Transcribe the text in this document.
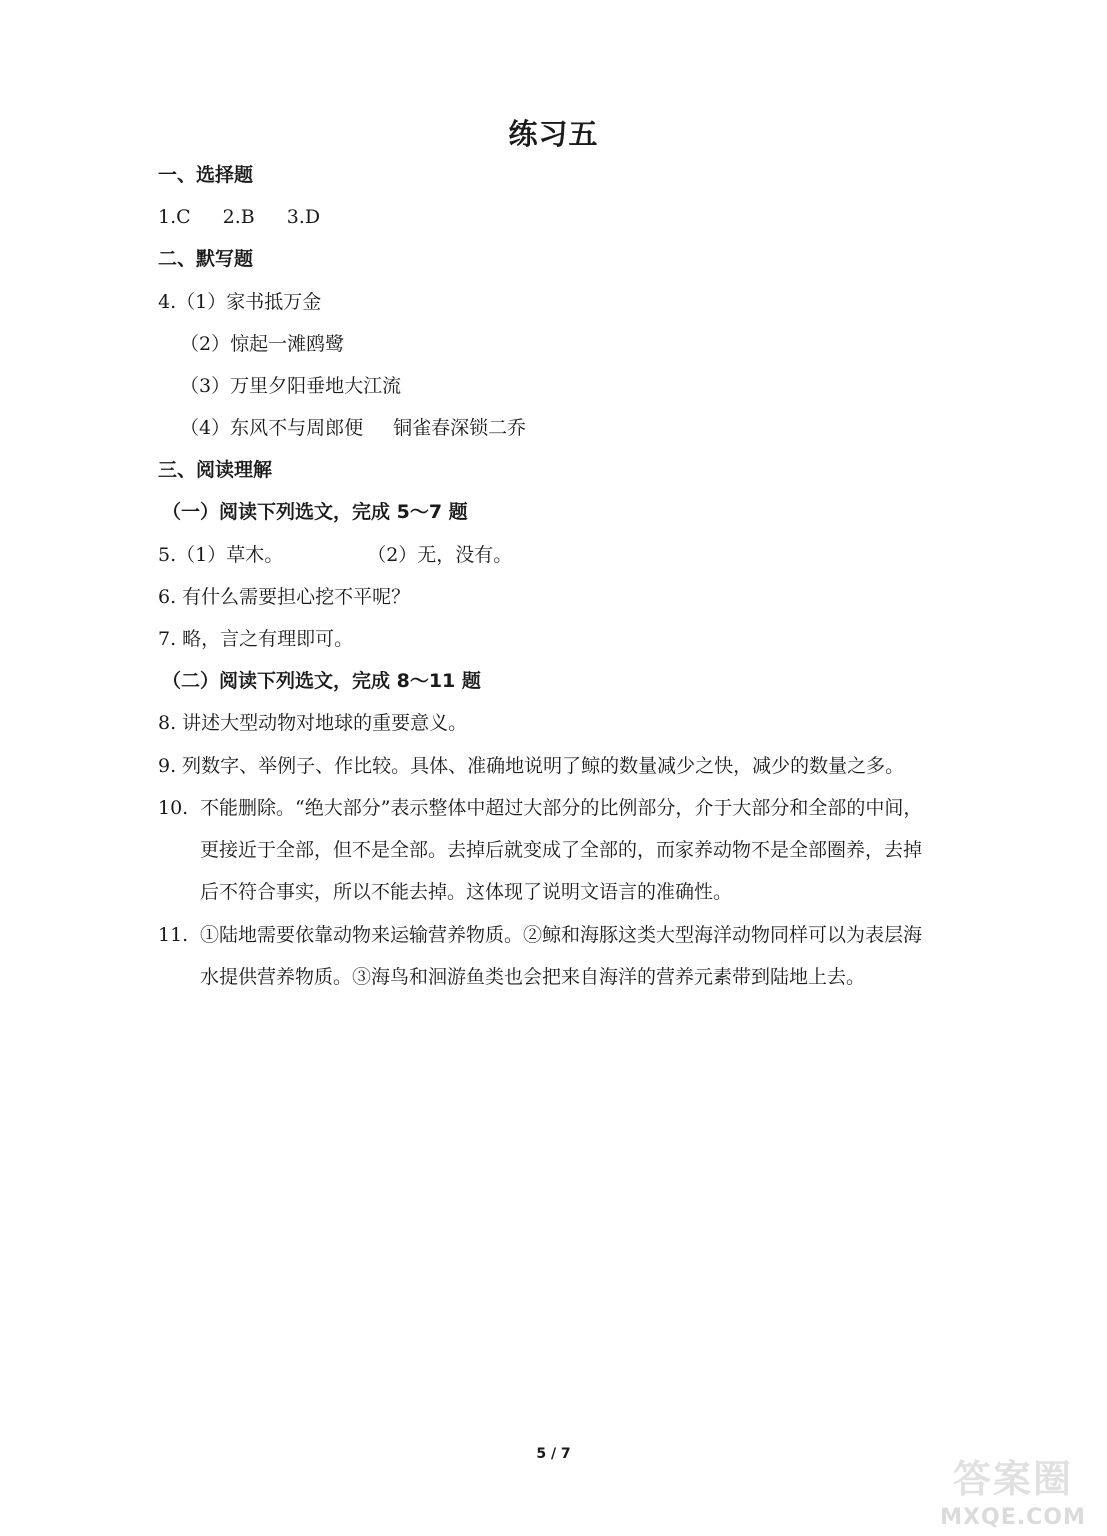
练习五
一、选择题
1.C 2.B 3.D
二、默写题
4.（1）家书抵万金
（2）惊起一滩鸥鹭
（3）万里夕阳垂地大江流
（4）东风不与周郎便 铜雀春深锁二乔
三、阅读理解
（一）阅读下列选文，完成 5～7 题
5.（1）草木。	（2）无，没有。
6. 有什么需要担心挖不平呢？
7. 略，言之有理即可。
（二）阅读下列选文，完成 8～11 题
8. 讲述大型动物对地球的重要意义。
9. 列数字、举例子、作比较。具体、准确地说明了鲸的数量减少之快，减少的数量之多。
10. 不能删除。“绝大部分”表示整体中超过大部分的比例部分，介于大部分和全部的中间，
更接近于全部，但不是全部。去掉后就变成了全部的，而家养动物不是全部圈养，去掉
后不符合事实，所以不能去掉。这体现了说明文语言的准确性。
11. ①陆地需要依靠动物来运输营养物质。②鲸和海豚这类大型海洋动物同样可以为表层海
水提供营养物质。③海鸟和洄游鱼类也会把来自海洋的营养元素带到陆地上去。
5 / 7
答案圈
MXQE.COM
